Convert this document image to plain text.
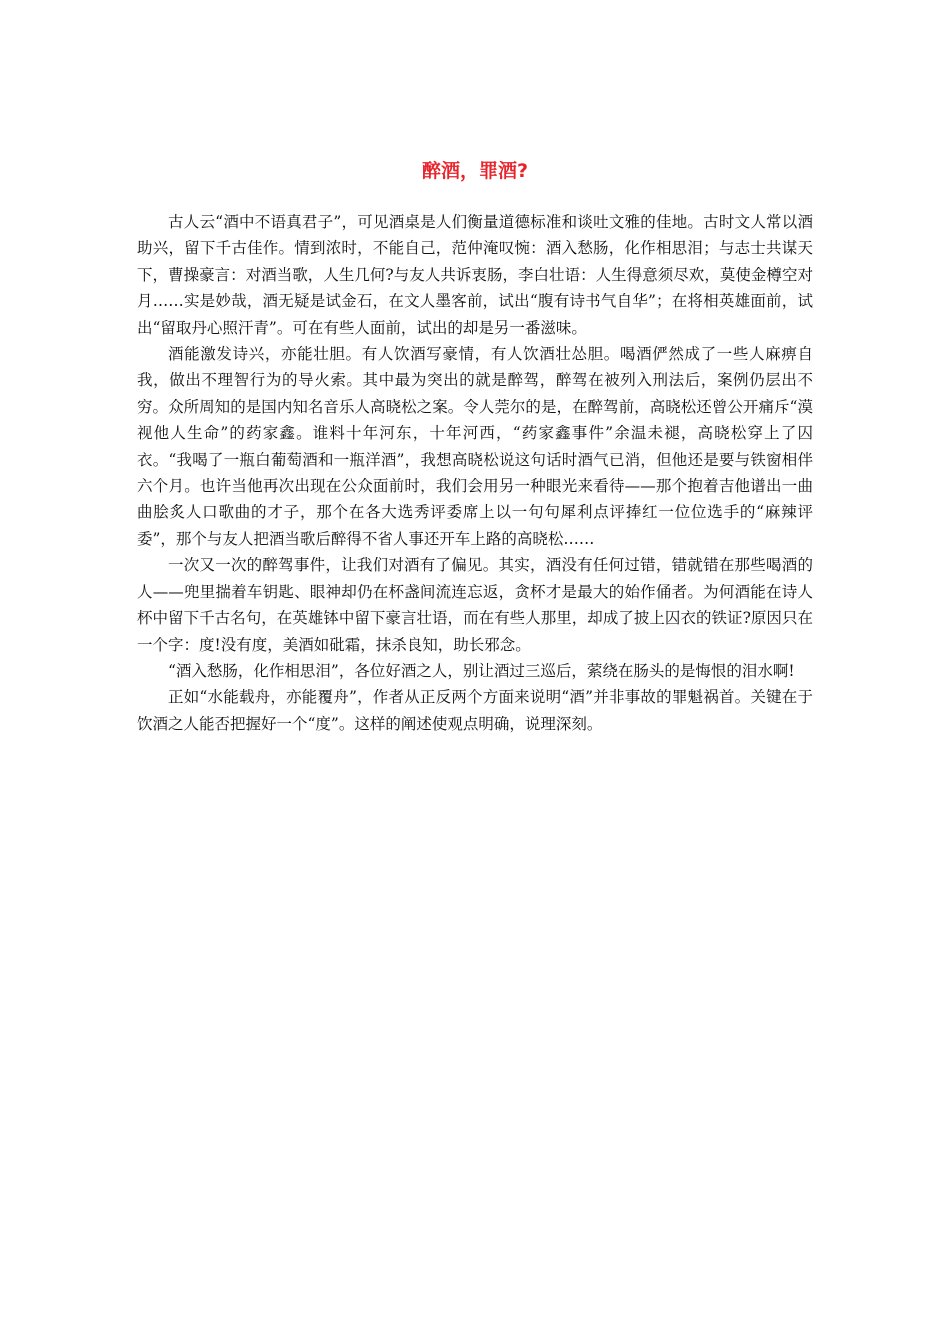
醉酒，罪酒?

古人云“酒中不语真君子”，可见酒桌是人们衡量道德标准和谈吐文雅的佳地。古时文人常以酒助兴，留下千古佳作。情到浓时，不能自己，范仲淹叹惋：酒入愁肠，化作相思泪；与志士共谋天下，曹操豪言：对酒当歌，人生几何?与友人共诉衷肠，李白壮语：人生得意须尽欢，莫使金樽空对月……实是妙哉，酒无疑是试金石，在文人墨客前，试出“腹有诗书气自华”；在将相英雄面前，试出“留取丹心照汗青”。可在有些人面前，试出的却是另一番滋味。

酒能激发诗兴，亦能壮胆。有人饮酒写豪情，有人饮酒壮怂胆。喝酒俨然成了一些人麻痹自我，做出不理智行为的导火索。其中最为突出的就是醉驾，醉驾在被列入刑法后，案例仍层出不穷。众所周知的是国内知名音乐人高晓松之案。令人莞尔的是，在醉驾前，高晓松还曾公开痛斥“漠视他人生命”的药家鑫。谁料十年河东，十年河西，“药家鑫事件”余温未褪，高晓松穿上了囚衣。“我喝了一瓶白葡萄酒和一瓶洋酒”，我想高晓松说这句话时酒气已消，但他还是要与铁窗相伴六个月。也许当他再次出现在公众面前时，我们会用另一种眼光来看待——那个抱着吉他谱出一曲曲脍炙人口歌曲的才子，那个在各大选秀评委席上以一句句犀利点评捧红一位位选手的“麻辣评委”，那个与友人把酒当歌后醉得不省人事还开车上路的高晓松……

一次又一次的醉驾事件，让我们对酒有了偏见。其实，酒没有任何过错，错就错在那些喝酒的人——兜里揣着车钥匙、眼神却仍在杯盏间流连忘返，贪杯才是最大的始作俑者。为何酒能在诗人杯中留下千古名句，在英雄钵中留下豪言壮语，而在有些人那里，却成了披上囚衣的铁证?原因只在一个字：度!没有度，美酒如砒霜，抹杀良知，助长邪念。

“酒入愁肠，化作相思泪”，各位好酒之人，别让酒过三巡后，萦绕在肠头的是悔恨的泪水啊!

正如“水能载舟，亦能覆舟”，作者从正反两个方面来说明“酒”并非事故的罪魁祸首。关键在于饮酒之人能否把握好一个“度”。这样的阐述使观点明确，说理深刻。
